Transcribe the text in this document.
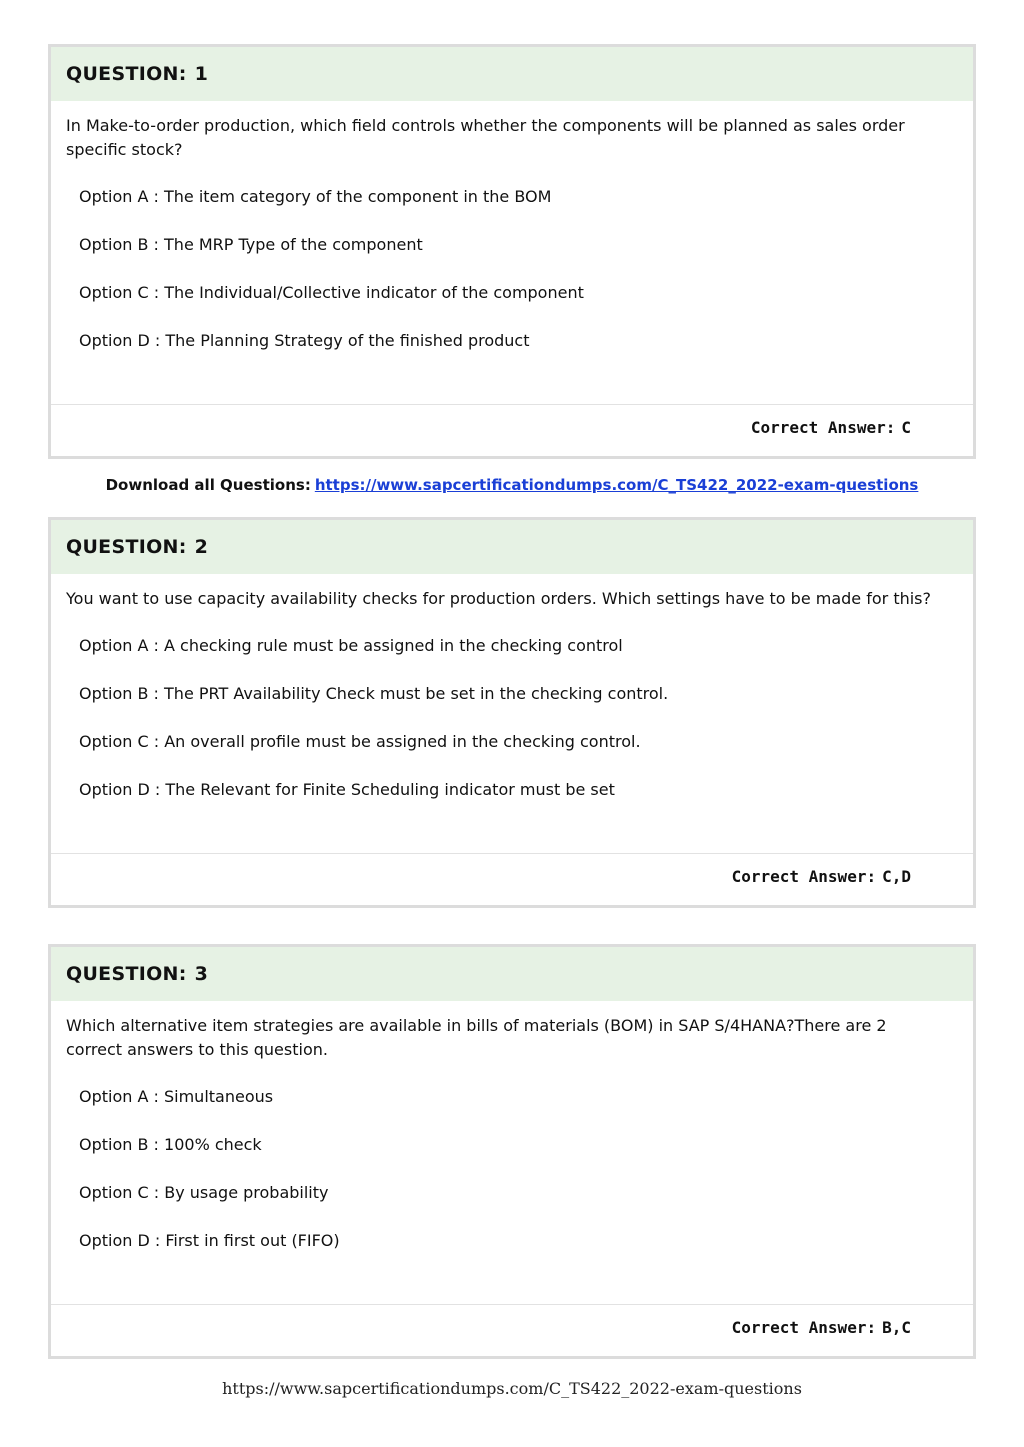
QUESTION: 1

In Make-to-order production, which field controls whether the components will be planned as sales order specific stock?

Option A : The item category of the component in the BOM
Option B : The MRP Type of the component
Option C : The Individual/Collective indicator of the component
Option D : The Planning Strategy of the finished product
Correct Answer: C
Download all Questions: https://www.sapcertificationdumps.com/C_TS422_2022-exam-questions
QUESTION: 2

You want to use capacity availability checks for production orders. Which settings have to be made for this?

Option A : A checking rule must be assigned in the checking control
Option B : The PRT Availability Check must be set in the checking control.
Option C : An overall profile must be assigned in the checking control.
Option D : The Relevant for Finite Scheduling indicator must be set
Correct Answer: C,D
QUESTION: 3

Which alternative item strategies are available in bills of materials (BOM) in SAP S/4HANA?There are 2 correct answers to this question.

Option A : Simultaneous
Option B : 100% check
Option C : By usage probability
Option D : First in first out (FIFO)
Correct Answer: B,C
https://www.sapcertificationdumps.com/C_TS422_2022-exam-questions
